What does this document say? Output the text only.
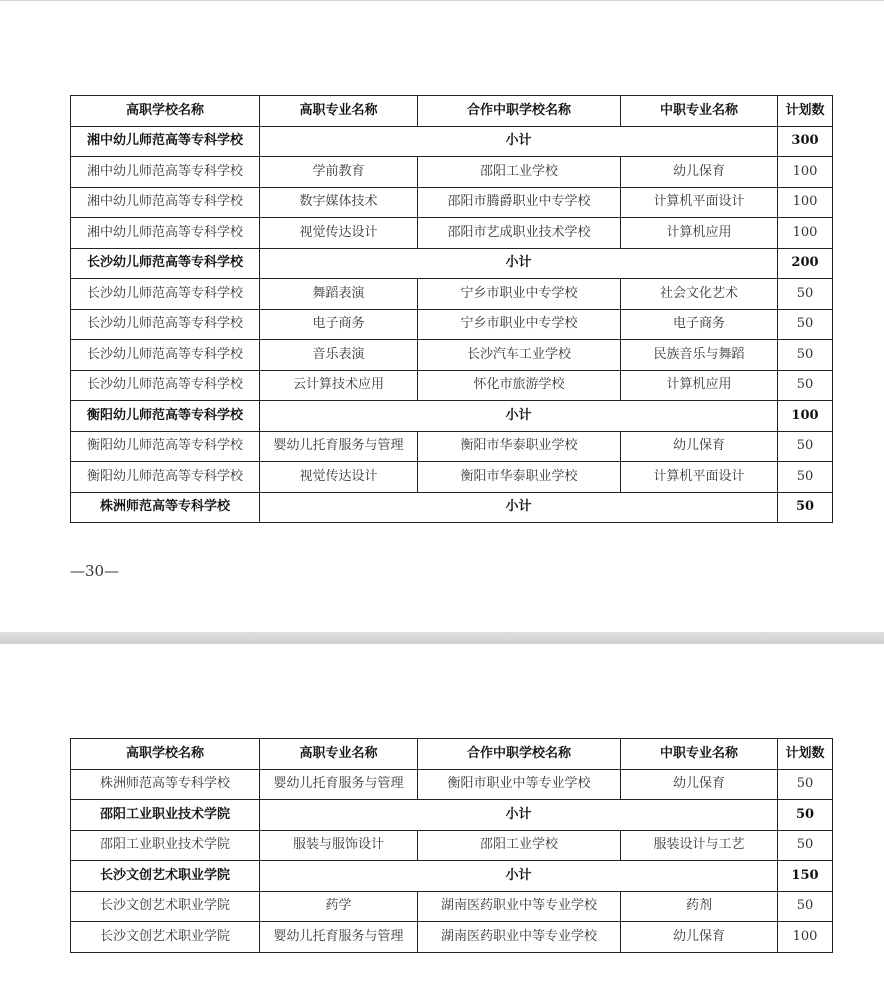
高职学校名称	高职专业名称	合作中职学校名称	中职专业名称	计划数
湘中幼儿师范高等专科学校	小计			300
湘中幼儿师范高等专科学校	学前教育	邵阳工业学校	幼儿保育	100
湘中幼儿师范高等专科学校	数字媒体技术	邵阳市腾爵职业中专学校	计算机平面设计	100
湘中幼儿师范高等专科学校	视觉传达设计	邵阳市艺成职业技术学校	计算机应用	100
长沙幼儿师范高等专科学校	小计			200
长沙幼儿师范高等专科学校	舞蹈表演	宁乡市职业中专学校	社会文化艺术	50
长沙幼儿师范高等专科学校	电子商务	宁乡市职业中专学校	电子商务	50
长沙幼儿师范高等专科学校	音乐表演	长沙汽车工业学校	民族音乐与舞蹈	50
长沙幼儿师范高等专科学校	云计算技术应用	怀化市旅游学校	计算机应用	50
衡阳幼儿师范高等专科学校	小计			100
衡阳幼儿师范高等专科学校	婴幼儿托育服务与管理	衡阳市华泰职业学校	幼儿保育	50
衡阳幼儿师范高等专科学校	视觉传达设计	衡阳市华泰职业学校	计算机平面设计	50
株洲师范高等专科学校	小计			50
—30—
高职学校名称	高职专业名称	合作中职学校名称	中职专业名称	计划数
株洲师范高等专科学校	婴幼儿托育服务与管理	衡阳市职业中等专业学校	幼儿保育	50
邵阳工业职业技术学院	小计			50
邵阳工业职业技术学院	服装与服饰设计	邵阳工业学校	服装设计与工艺	50
长沙文创艺术职业学院	小计			150
长沙文创艺术职业学院	药学	湖南医药职业中等专业学校	药剂	50
长沙文创艺术职业学院	婴幼儿托育服务与管理	湖南医药职业中等专业学校	幼儿保育	100
